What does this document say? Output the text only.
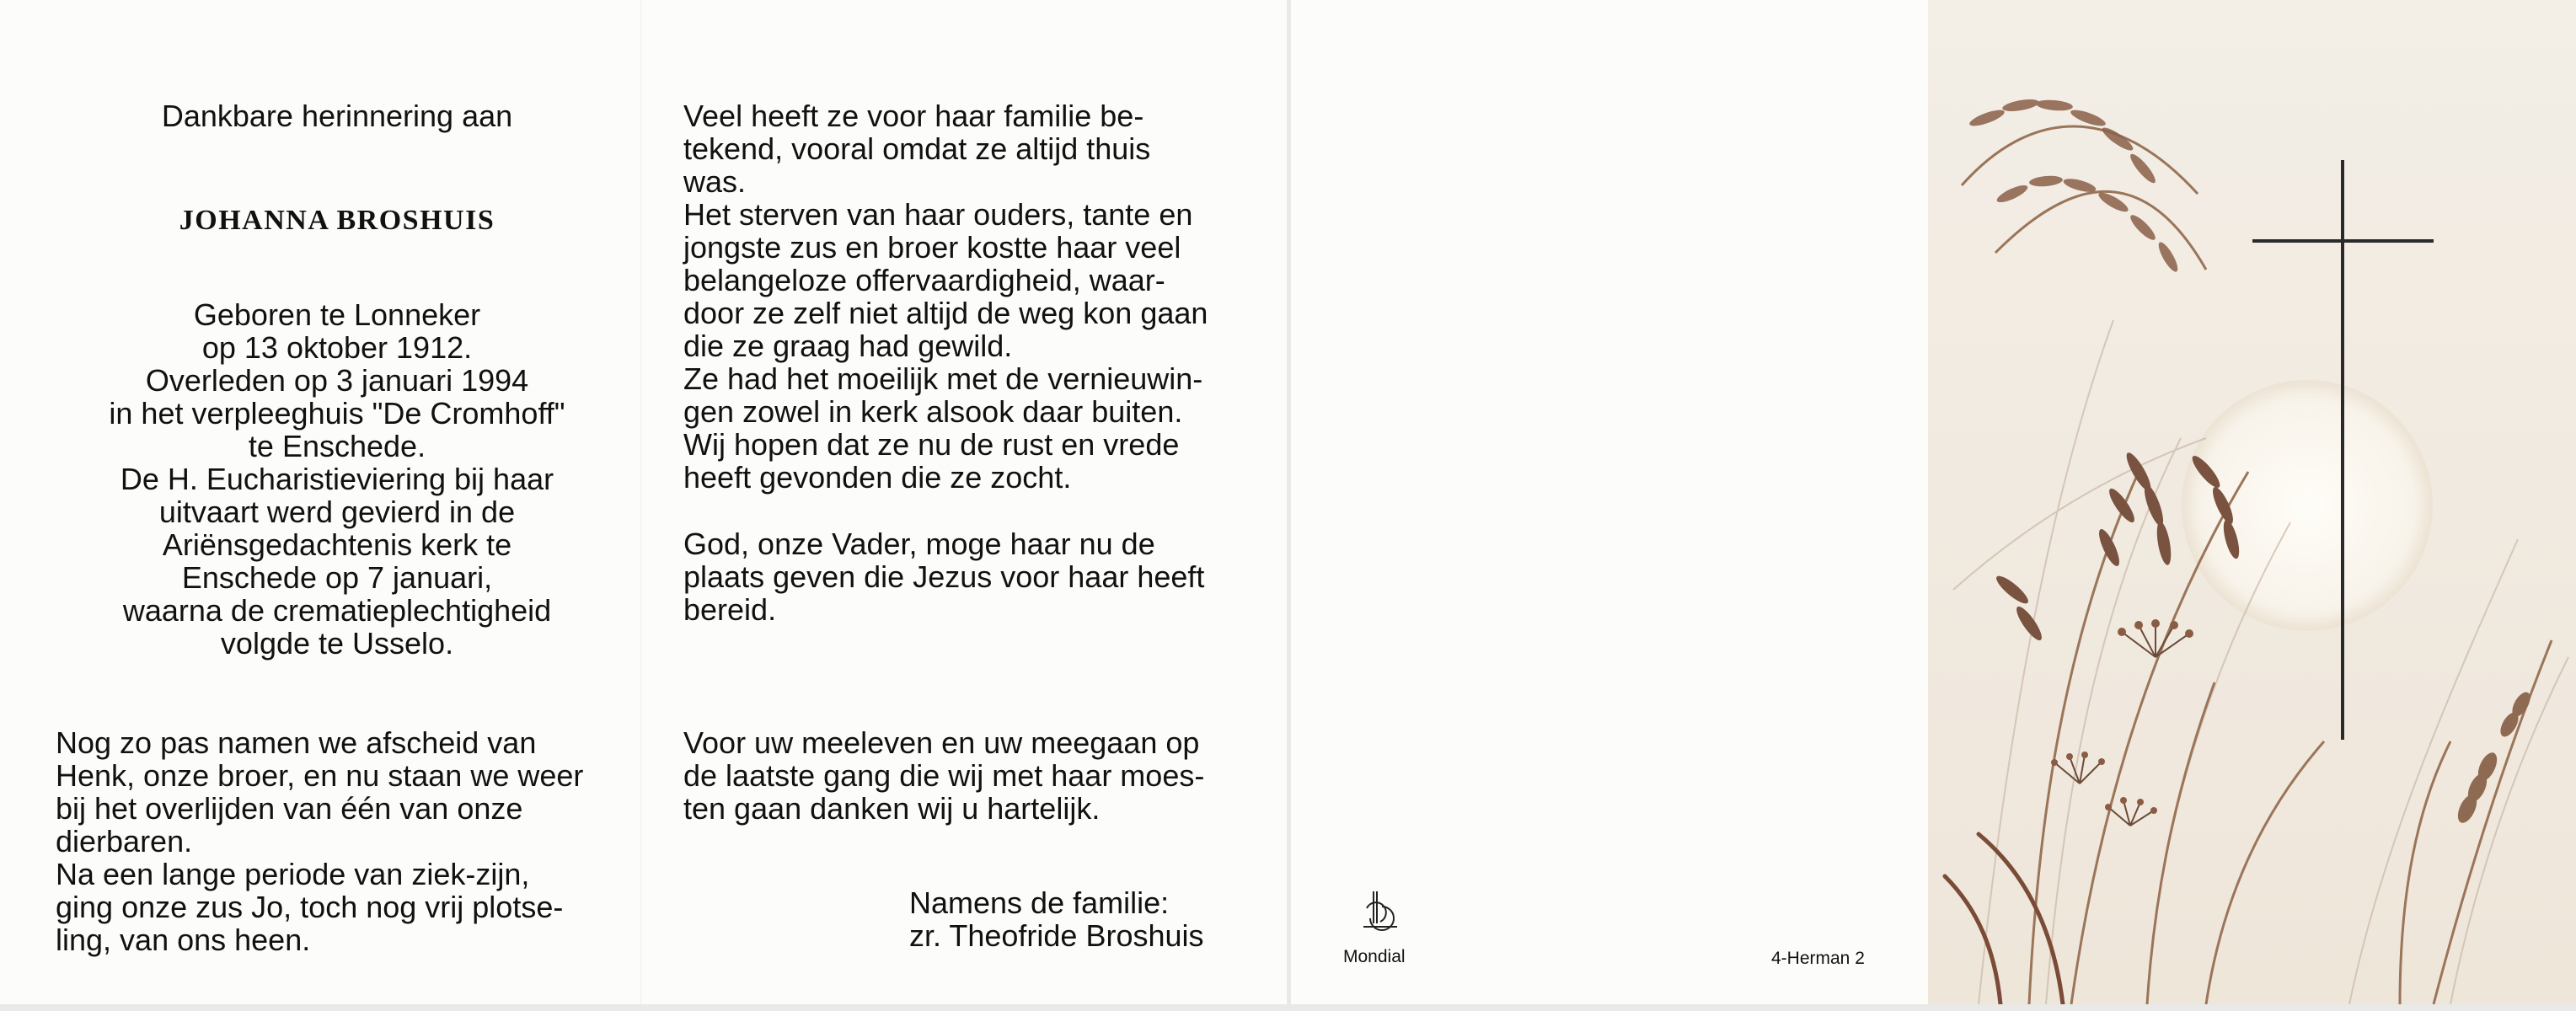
Dankbare herinnering aan

JOHANNA BROSHUIS

Geboren te Lonneker

op 13 oktober 1912.

Overleden op 3 januari 1994

in het verpleeghuis "De Cromhoff"

te Enschede.

De H. Eucharistieviering bij haar

uitvaart werd gevierd in de

Ariënsgedachtenis kerk te

Enschede op 7 januari,

waarna de crematieplechtigheid

volgde te Usselo.

Nog zo pas namen we afscheid van

Henk, onze broer, en nu staan we weer

bij het overlijden van één van onze

dierbaren.

Na een lange periode van ziek-zijn,

ging onze zus Jo, toch nog vrij plotse-

ling, van ons heen.

Veel heeft ze voor haar familie be-

tekend, vooral omdat ze altijd thuis

was.

Het sterven van haar ouders, tante en

jongste zus en broer kostte haar veel

belangeloze offervaardigheid, waar-

door ze zelf niet altijd de weg kon gaan

die ze graag had gewild.

Ze had het moeilijk met de vernieuwin-

gen zowel in kerk alsook daar buiten.

Wij hopen dat ze nu de rust en vrede

heeft gevonden die ze zocht.

God, onze Vader, moge haar nu de

plaats geven die Jezus voor haar heeft

bereid.

Voor uw meeleven en uw meegaan op

de laatste gang die wij met haar moes-

ten gaan danken wij u hartelijk.

Namens de familie:

zr. Theofride Broshuis

Mondial	4-Herman 2
